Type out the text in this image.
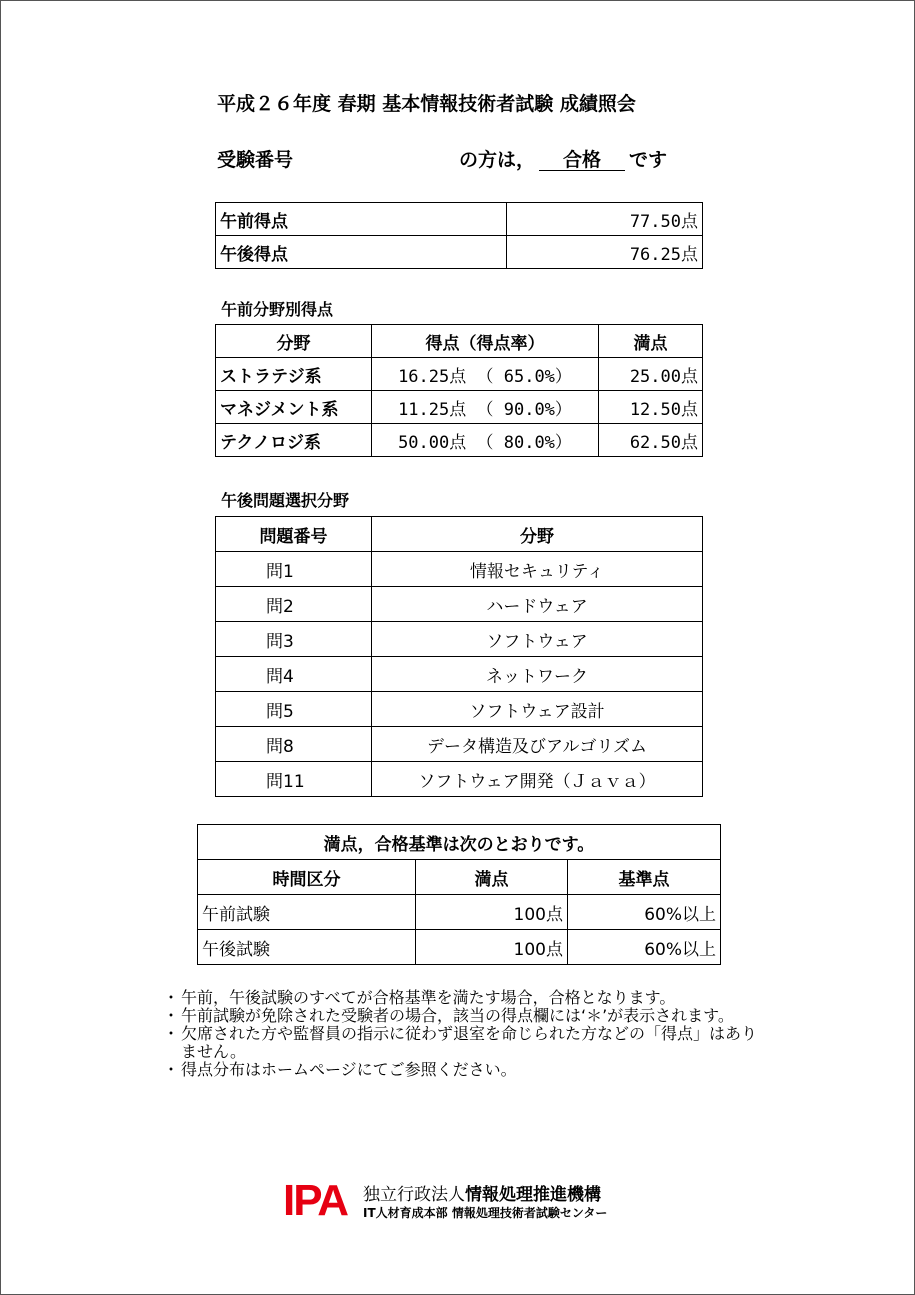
平成２６年度 春期 基本情報技術者試験 成績照会
受験番号	の方は， 合格 です
午前得点	77.50点
午後得点	76.25点
午前分野別得点
分野	得点（得点率）	満点
ストラテジ系	16.25点 （ 65.0%）	25.00点
マネジメント系	11.25点 （ 90.0%）	12.50点
テクノロジ系	50.00点 （ 80.0%）	62.50点
午後問題選択分野
問題番号	分野
問1	情報セキュリティ
問2	ハードウェア
問3	ソフトウェア
問4	ネットワーク
問5	ソフトウェア設計
問8	データ構造及びアルゴリズム
問11	ソフトウェア開発（Ｊａｖａ）
満点，合格基準は次のとおりです。		
時間区分	満点	基準点
午前試験	100点	60%以上
午後試験	100点	60%以上
・ 午前，午後試験のすべてが合格基準を満たす場合，合格となります。
・ 午前試験が免除された受験者の場合，該当の得点欄には‘＊’が表示されます。
・ 欠席された方や監督員の指示に従わず退室を命じられた方などの「得点」はありません。
・ 得点分布はホームページにてご参照ください。
IPA 独立行政法人情報処理推進機構
IT人材育成本部 情報処理技術者試験センター
